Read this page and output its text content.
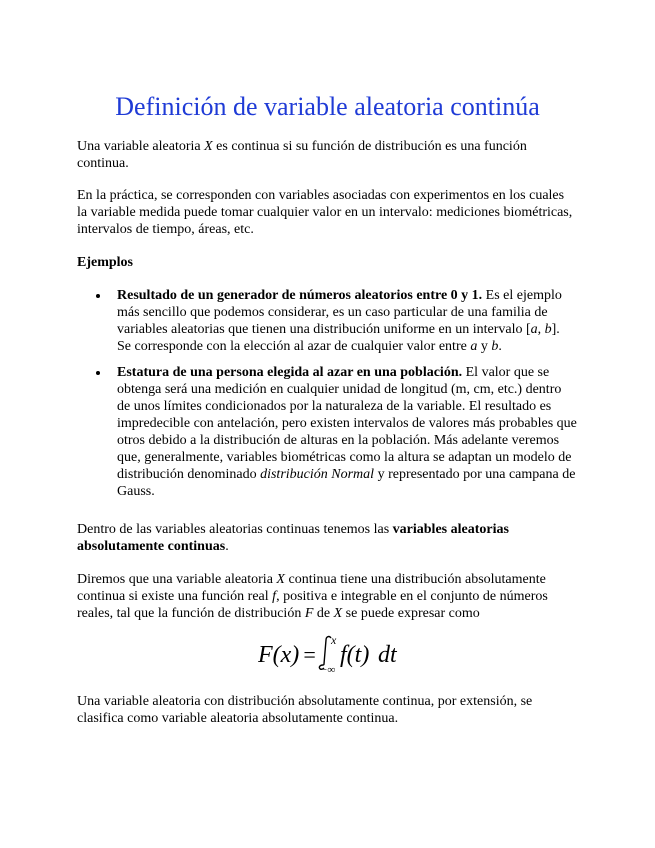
Definición de variable aleatoria continúa

Una variable aleatoria X es continua si su función de distribución es una función continua.

En la práctica, se corresponden con variables asociadas con experimentos en los cuales la variable medida puede tomar cualquier valor en un intervalo: mediciones biométricas, intervalos de tiempo, áreas, etc.

Ejemplos

Resultado de un generador de números aleatorios entre 0 y 1. Es el ejemplo más sencillo que podemos considerar, es un caso particular de una familia de variables aleatorias que tienen una distribución uniforme en un intervalo [a, b]. Se corresponde con la elección al azar de cualquier valor entre a y b.
Estatura de una persona elegida al azar en una población. El valor que se obtenga será una medición en cualquier unidad de longitud (m, cm, etc.) dentro de unos límites condicionados por la naturaleza de la variable. El resultado es impredecible con antelación, pero existen intervalos de valores más probables que otros debido a la distribución de alturas en la población. Más adelante veremos que, generalmente, variables biométricas como la altura se adaptan un modelo de distribución denominado distribución Normal y representado por una campana de Gauss.

Dentro de las variables aleatorias continuas tenemos las variables aleatorias absolutamente continuas.

Diremos que una variable aleatoria X continua tiene una distribución absolutamente continua si existe una función real f, positiva e integrable en el conjunto de números reales, tal que la función de distribución F de X se puede expresar como

F(x) =
x
−∞
f(t) dt

Una variable aleatoria con distribución absolutamente continua, por extensión, se clasifica como variable aleatoria absolutamente continua.
